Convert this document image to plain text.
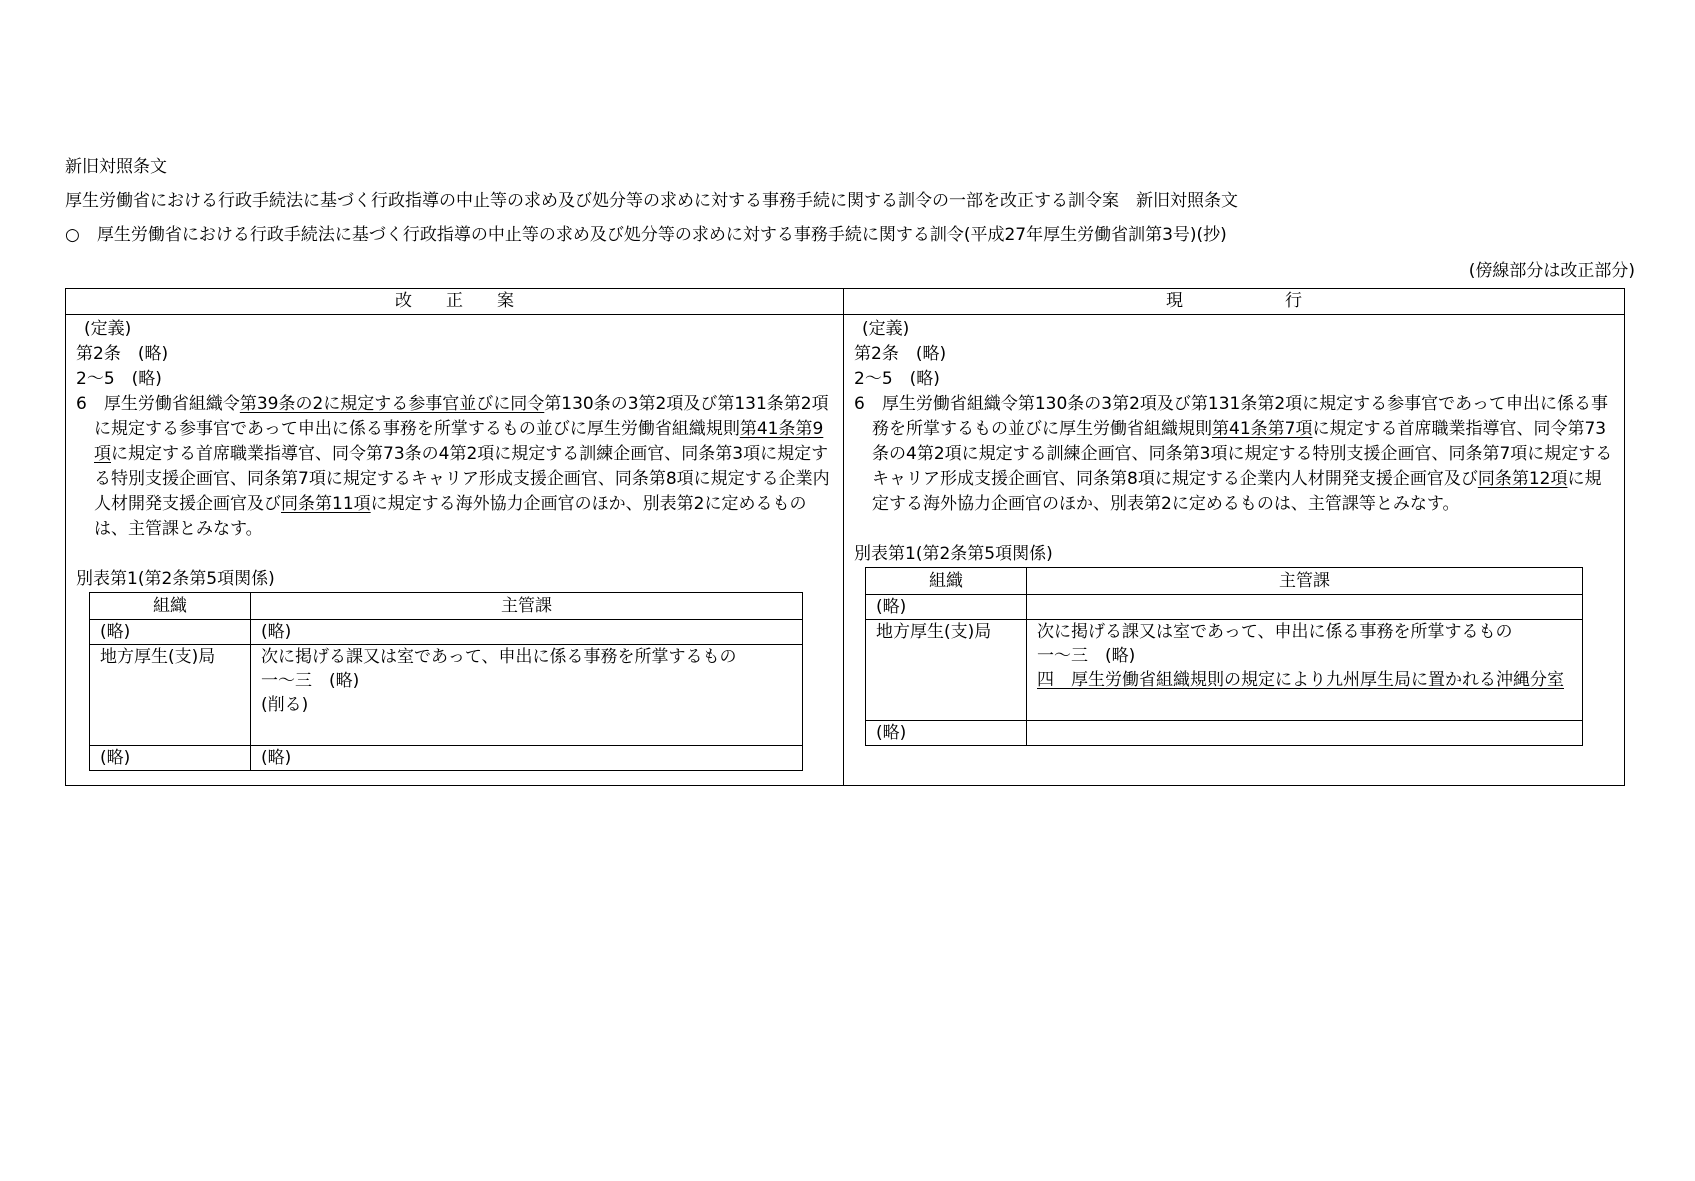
新旧対照条文
厚生労働省における行政手続法に基づく行政指導の中止等の求め及び処分等の求めに対する事務手続に関する訓令の一部を改正する訓令案　新旧対照条文
○　厚生労働省における行政手続法に基づく行政指導の中止等の求め及び処分等の求めに対する事務手続に関する訓令(平成27年厚生労働省訓第3号)(抄)
(傍線部分は改正部分)
改　　正　　案

(定義)

第2条　(略)

2〜5　(略)

6　厚生労働省組織令第39条の2に規定する参事官並びに同令第130条の3第2項及び第131条第2項に規定する参事官であって申出に係る事務を所掌するもの並びに厚生労働省組織規則第41条第9項に規定する首席職業指導官、同令第73条の4第2項に規定する訓練企画官、同条第3項に規定する特別支援企画官、同条第7項に規定するキャリア形成支援企画官、同条第8項に規定する企業内人材開発支援企画官及び同条第11項に規定する海外協力企画官のほか、別表第2に定めるものは、主管課とみなす。

別表第1(第2条第5項関係)

組織	主管課
(略)	(略)
地方厚生(支)局	次に掲げる課又は室であって、申出に係る事務を所掌するもの
一〜三　(略)
(削る)

(略)	(略)
現　　　　　　行

(定義)

第2条　(略)

2〜5　(略)

6　厚生労働省組織令第130条の3第2項及び第131条第2項に規定する参事官であって申出に係る事務を所掌するもの並びに厚生労働省組織規則第41条第7項に規定する首席職業指導官、同令第73条の4第2項に規定する訓練企画官、同条第3項に規定する特別支援企画官、同条第7項に規定するキャリア形成支援企画官、同条第8項に規定する企業内人材開発支援企画官及び同条第12項に規定する海外協力企画官のほか、別表第2に定めるものは、主管課等とみなす。

別表第1(第2条第5項関係)

組織	主管課
(略)	
地方厚生(支)局	次に掲げる課又は室であって、申出に係る事務を所掌するもの
一〜三　(略)
四　厚生労働省組織規則の規定により九州厚生局に置かれる沖縄分室

(略)	
